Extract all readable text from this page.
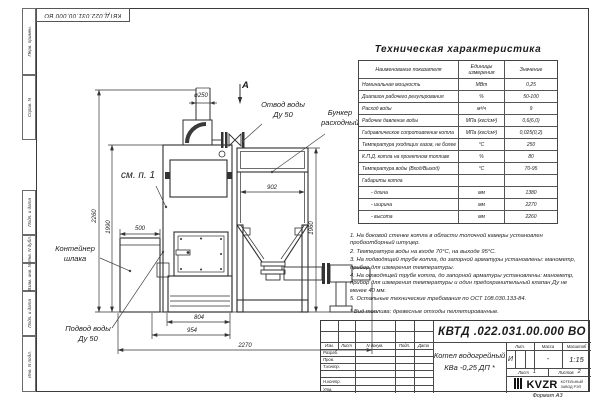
Перв. примен.
Справ. N
Подп. и дата
Инв. N дубл.
Взам. инв. N
Подп. и дата
Инв. N подл.
КВТД.022.031.00.000 ВО
А
ø250
Отвод воды
Ду 50	Бункер
расходный
см. п. 1
Контейнер
шлака
Подвод воды
Ду 50
500
902
2260
1990	1960
804
954
2270
Техническая характеристика
Наименование показателя	Единицы измерения	Значение
Номинальная мощность	МВт	0,25
Диапазон рабочего регулирования	%	50-100
Расход воды	м³/ч	9
Рабочее давление воды	МПа (кгс/см²)	0,6(6,0)
Гидравлическое сопротивление котла	МПа (кгс/см²)	0,025(0,2)
Температура уходящих газов, не более	°С	250
К.П.Д. котла на проектном топливе	%	80
Температура воды (Вход/Выход)	°С	70-95
Габариты котла
- длина	мм	1380
- ширина	мм	2270
- высота	мм	2260
1. На боковой стенке котла в области топочной камеры установлен пробоотборный штуцер.
2. Температура воды на входе 70°С, на выходе 95°С.
3. На подводящей трубе котла, до запорной арматуры установлены: манометр, прибор для измерения температуры.
4. На отводящей трубе котла, до запорной арматуры установлены: манометр, прибор для измерения температуры и один предохранительный клапан Ду не менее 40 мм.
5. Остальные технические требования по ОСТ 108.030.133-84.
* Вид топлива: древесные отходы пеллетированные.
КВТД .022.031.00.000 ВО
Изм.	Лист	N докум.	Подп.	Дата
Разраб.
Пров.
Т.контр.
Н.контр.
Утв.
Котел водогрейный
КВа -0,25 ДП *
Лит.	Масса	Масштаб
И	-	1:15
Лист 1	Листов 2
KVZR КОТЕЛЬНЫЙ
ЗАВОД РЭП
Формат А3
